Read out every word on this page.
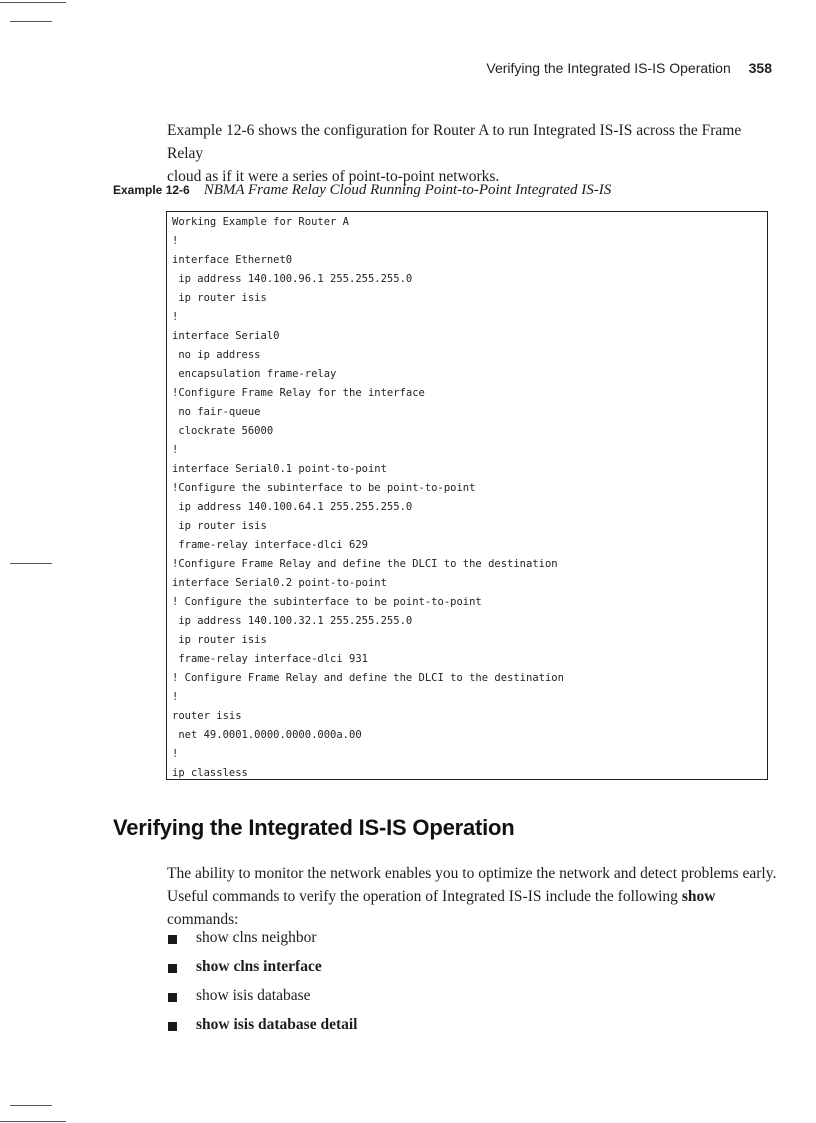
Verifying the Integrated IS-IS Operation 358

Example 12-6 shows the configuration for Router A to run Integrated IS-IS across the Frame Relay

cloud as if it were a series of point-to-point networks.

Example 12-6 NBMA Frame Relay Cloud Running Point-to-Point Integrated IS-IS
Working Example for Router A
!
interface Ethernet0
ip address 140.100.96.1 255.255.255.0
ip router isis
!
interface Serial0
no ip address
encapsulation frame-relay
!Configure Frame Relay for the interface
no fair-queue
clockrate 56000
!
interface Serial0.1 point-to-point
!Configure the subinterface to be point-to-point
ip address 140.100.64.1 255.255.255.0
ip router isis
frame-relay interface-dlci 629
!Configure Frame Relay and define the DLCI to the destination
interface Serial0.2 point-to-point
! Configure the subinterface to be point-to-point
ip address 140.100.32.1 255.255.255.0
ip router isis
frame-relay interface-dlci 931
! Configure Frame Relay and define the DLCI to the destination
!
router isis
net 49.0001.0000.0000.000a.00
!
ip classless
Verifying the Integrated IS-IS Operation

The ability to monitor the network enables you to optimize the network and detect problems early.

Useful commands to verify the operation of Integrated IS-IS include the following show commands:

show clns neighbor
show clns interface
show isis database
show isis database detail
